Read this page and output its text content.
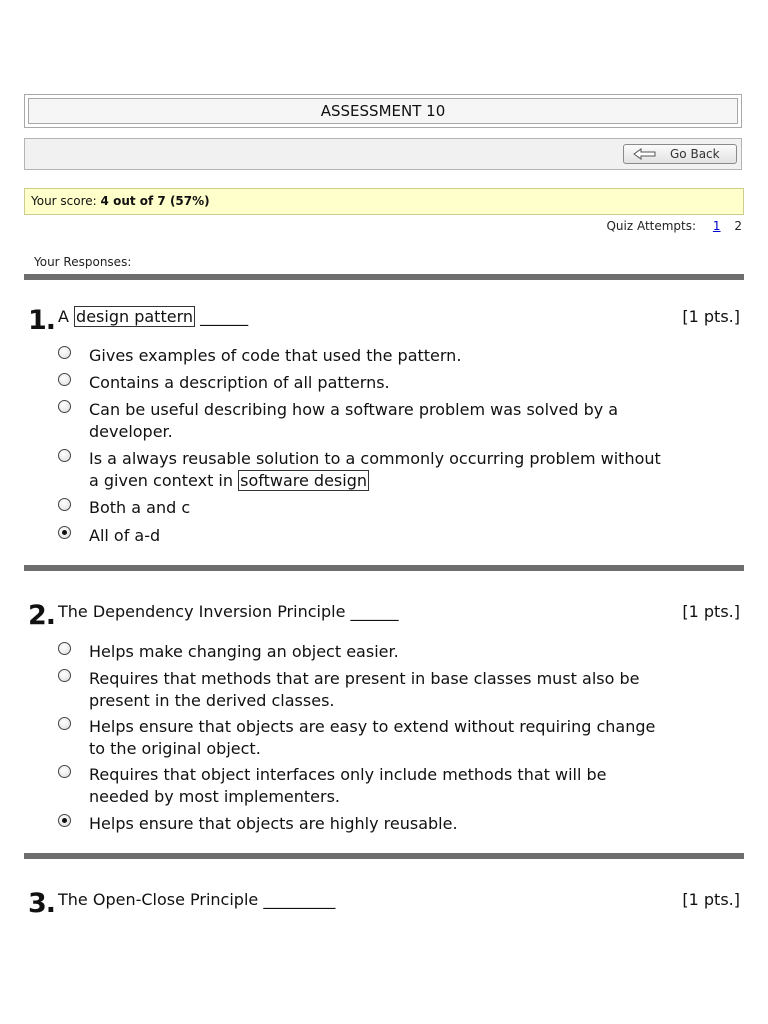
ASSESSMENT 10
Go Back
Your score: 4 out of 7 (57%)
Quiz Attempts: 1 2
Your Responses:
1. A design pattern ______	[1 pts.]
Gives examples of code that used the pattern.
Contains a description of all patterns.
Can be useful describing how a software problem was solved by a developer.
Is a always reusable solution to a commonly occurring problem without a given context in software design
Both a and c
All of a-d
2. The Dependency Inversion Principle ______	[1 pts.]
Helps make changing an object easier.
Requires that methods that are present in base classes must also be present in the derived classes.
Helps ensure that objects are easy to extend without requiring change to the original object.
Requires that object interfaces only include methods that will be needed by most implementers.
Helps ensure that objects are highly reusable.
3. The Open-Close Principle _________	[1 pts.]
